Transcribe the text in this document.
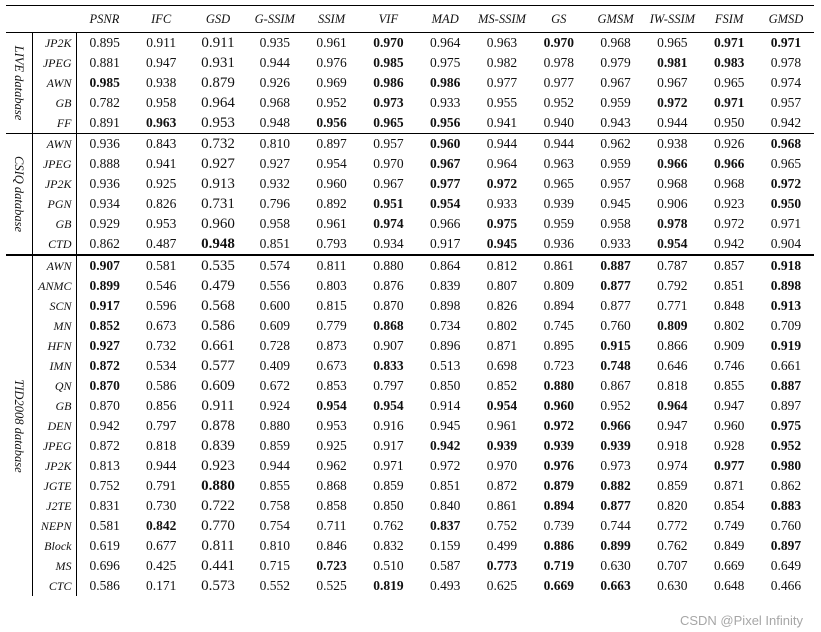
		PSNR	IFC	GSD	G-SSIM	SSIM	VIF	MAD	MS-SSIM	GS	GMSM	IW-SSIM	FSIM	GMSD

LIVE database	JP2K	0.895	0.911	0.911	0.935	0.961	0.970	0.964	0.963	0.970	0.968	0.965	0.971	0.971
	JPEG	0.881	0.947	0.931	0.944	0.976	0.985	0.975	0.982	0.978	0.979	0.981	0.983	0.978
	AWN	0.985	0.938	0.879	0.926	0.969	0.986	0.986	0.977	0.977	0.967	0.967	0.965	0.974
	GB	0.782	0.958	0.964	0.968	0.952	0.973	0.933	0.955	0.952	0.959	0.972	0.971	0.957
	FF	0.891	0.963	0.953	0.948	0.956	0.965	0.956	0.941	0.940	0.943	0.944	0.950	0.942

CSIQ database	AWN	0.936	0.843	0.732	0.810	0.897	0.957	0.960	0.944	0.944	0.962	0.938	0.926	0.968
	JPEG	0.888	0.941	0.927	0.927	0.954	0.970	0.967	0.964	0.963	0.959	0.966	0.966	0.965
	JP2K	0.936	0.925	0.913	0.932	0.960	0.967	0.977	0.972	0.965	0.957	0.968	0.968	0.972
	PGN	0.934	0.826	0.731	0.796	0.892	0.951	0.954	0.933	0.939	0.945	0.906	0.923	0.950
	GB	0.929	0.953	0.960	0.958	0.961	0.974	0.966	0.975	0.959	0.958	0.978	0.972	0.971
	CTD	0.862	0.487	0.948	0.851	0.793	0.934	0.917	0.945	0.936	0.933	0.954	0.942	0.904

TID2008 database	AWN	0.907	0.581	0.535	0.574	0.811	0.880	0.864	0.812	0.861	0.887	0.787	0.857	0.918
	ANMC	0.899	0.546	0.479	0.556	0.803	0.876	0.839	0.807	0.809	0.877	0.792	0.851	0.898
	SCN	0.917	0.596	0.568	0.600	0.815	0.870	0.898	0.826	0.894	0.877	0.771	0.848	0.913
	MN	0.852	0.673	0.586	0.609	0.779	0.868	0.734	0.802	0.745	0.760	0.809	0.802	0.709
	HFN	0.927	0.732	0.661	0.728	0.873	0.907	0.896	0.871	0.895	0.915	0.866	0.909	0.919
	IMN	0.872	0.534	0.577	0.409	0.673	0.833	0.513	0.698	0.723	0.748	0.646	0.746	0.661
	QN	0.870	0.586	0.609	0.672	0.853	0.797	0.850	0.852	0.880	0.867	0.818	0.855	0.887
	GB	0.870	0.856	0.911	0.924	0.954	0.954	0.914	0.954	0.960	0.952	0.964	0.947	0.897
	DEN	0.942	0.797	0.878	0.880	0.953	0.916	0.945	0.961	0.972	0.966	0.947	0.960	0.975
	JPEG	0.872	0.818	0.839	0.859	0.925	0.917	0.942	0.939	0.939	0.939	0.918	0.928	0.952
	JP2K	0.813	0.944	0.923	0.944	0.962	0.971	0.972	0.970	0.976	0.973	0.974	0.977	0.980
	JGTE	0.752	0.791	0.880	0.855	0.868	0.859	0.851	0.872	0.879	0.882	0.859	0.871	0.862
	J2TE	0.831	0.730	0.722	0.758	0.858	0.850	0.840	0.861	0.894	0.877	0.820	0.854	0.883
	NEPN	0.581	0.842	0.770	0.754	0.711	0.762	0.837	0.752	0.739	0.744	0.772	0.749	0.760
	Block	0.619	0.677	0.811	0.810	0.846	0.832	0.159	0.499	0.886	0.899	0.762	0.849	0.897
	MS	0.696	0.425	0.441	0.715	0.723	0.510	0.587	0.773	0.719	0.630	0.707	0.669	0.649
	CTC	0.586	0.171	0.573	0.552	0.525	0.819	0.493	0.625	0.669	0.663	0.630	0.648	0.466
CSDN @Pixel Infinity
